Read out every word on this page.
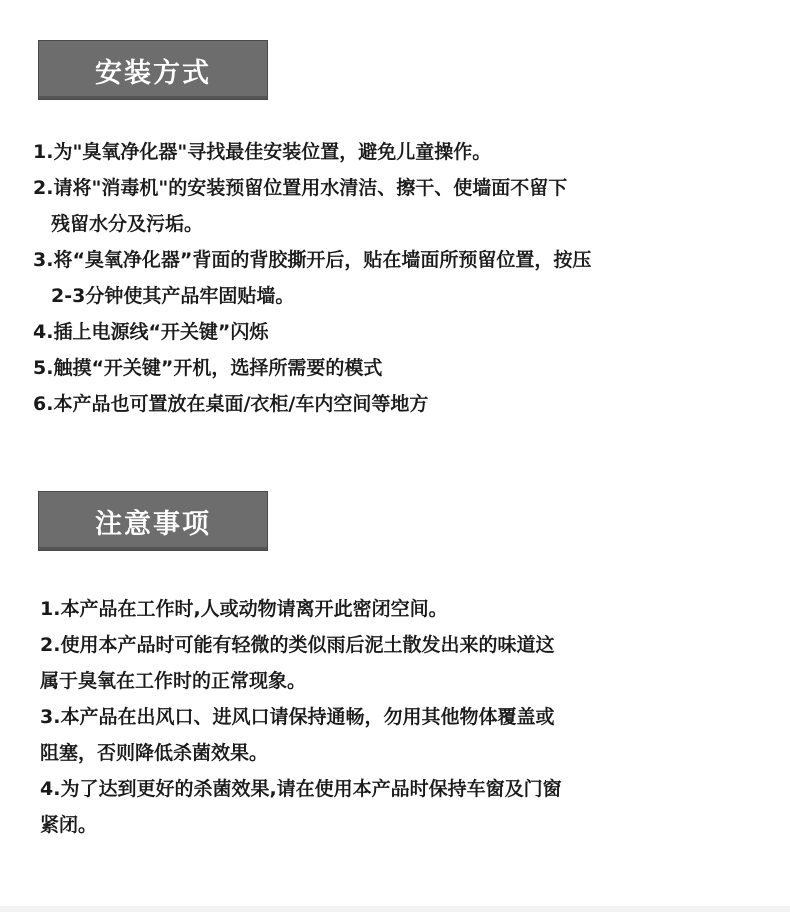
安装方式
1.为"臭氧净化器"寻找最佳安装位置，避免儿童操作。
2.请将"消毒机"的安装预留位置用水清洁、擦干、使墙面不留下
残留水分及污垢。
3.将“臭氧净化器”背面的背胶撕开后，贴在墙面所预留位置，按压
2-3分钟使其产品牢固贴墙。
4.插上电源线“开关键”闪烁
5.触摸“开关键”开机，选择所需要的模式
6.本产品也可置放在桌面/衣柜/车内空间等地方
注意事项
1.本产品在工作时,人或动物请离开此密闭空间。
2.使用本产品时可能有轻微的类似雨后泥土散发出来的味道这
属于臭氧在工作时的正常现象。
3.本产品在出风口、进风口请保持通畅，勿用其他物体覆盖或
阻塞，否则降低杀菌效果。
4.为了达到更好的杀菌效果,请在使用本产品时保持车窗及门窗
紧闭。
